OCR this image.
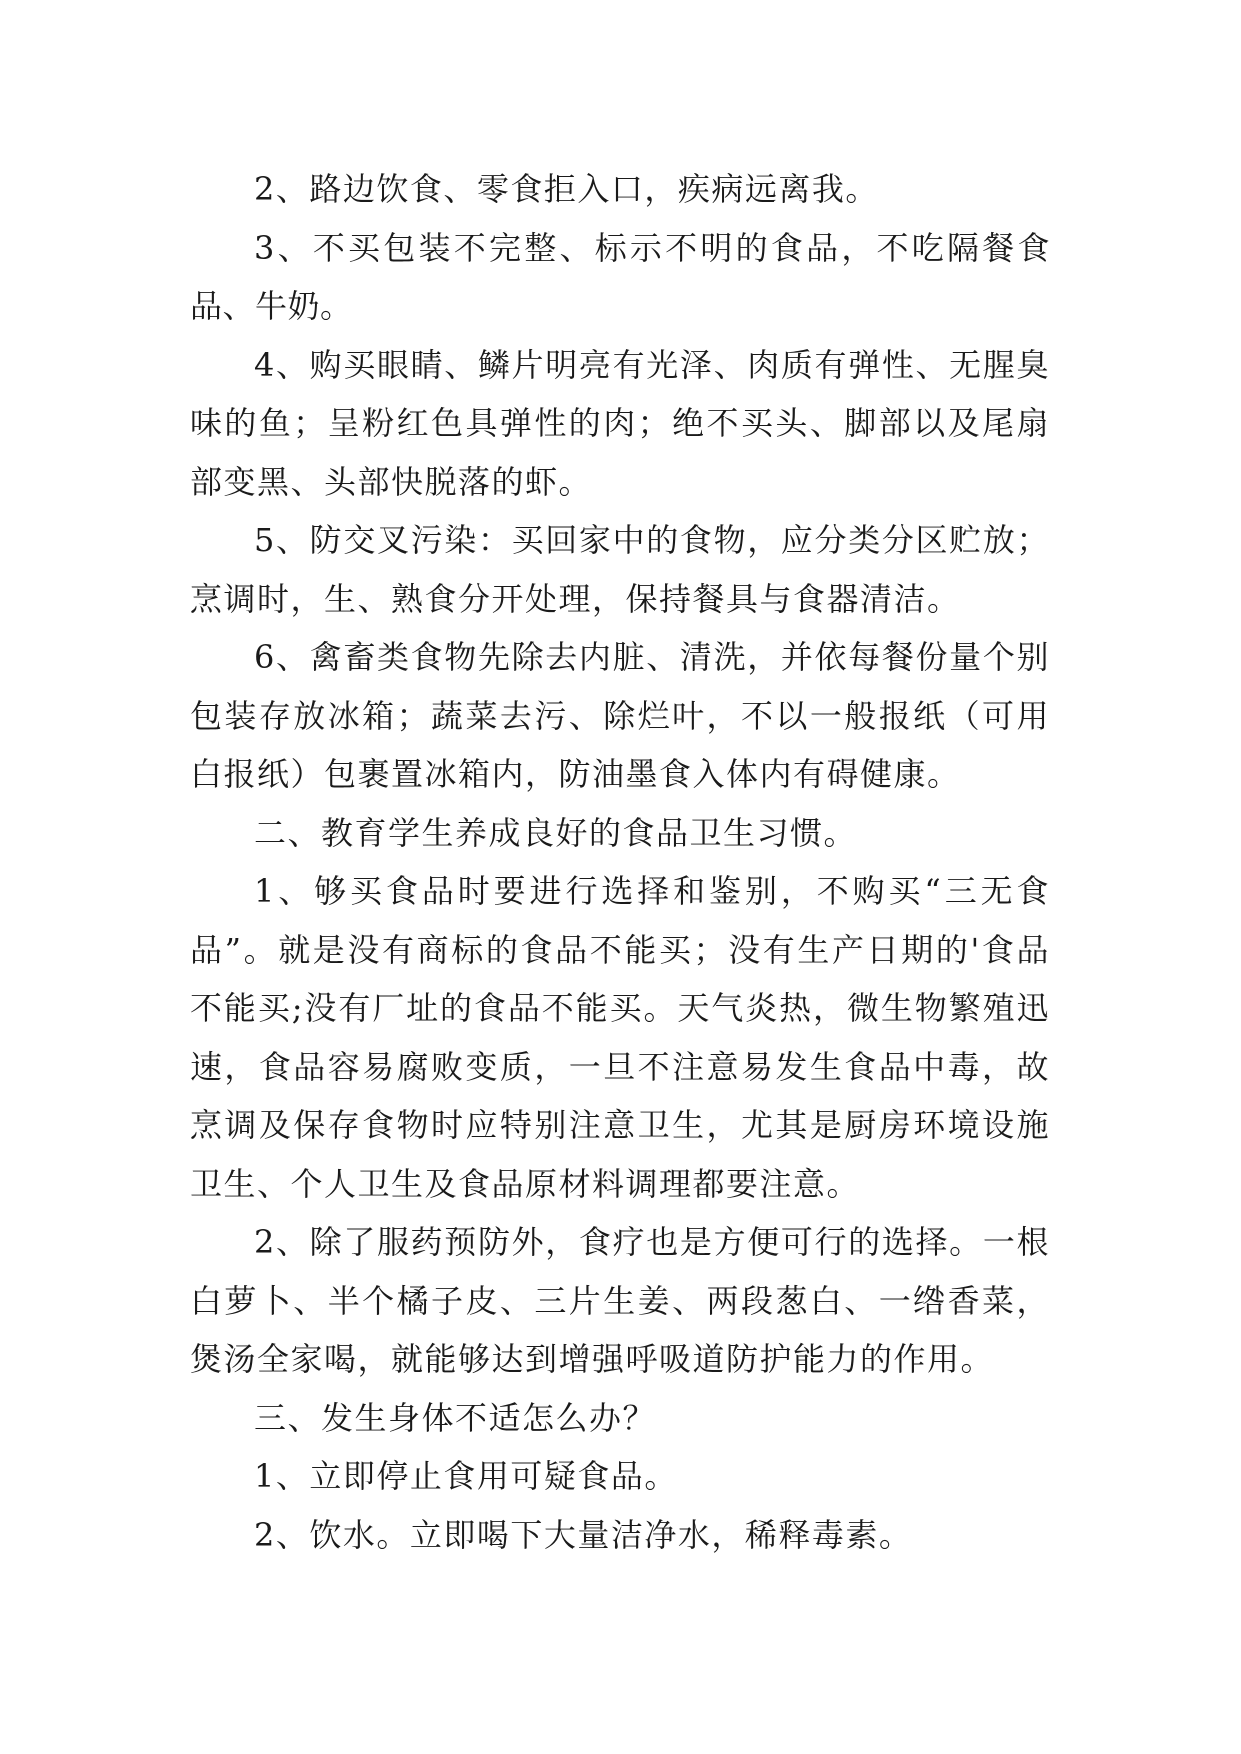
2、路边饮食、零食拒入口，疾病远离我。

3、不买包装不完整、标示不明的食品，不吃隔餐食品、牛奶。

4、购买眼睛、鳞片明亮有光泽、肉质有弹性、无腥臭味的鱼；呈粉红色具弹性的肉；绝不买头、脚部以及尾扇部变黑、头部快脱落的虾。

5、防交叉污染：买回家中的食物，应分类分区贮放；烹调时，生、熟食分开处理，保持餐具与食器清洁。

6、禽畜类食物先除去内脏、清洗，并依每餐份量个别包装存放冰箱；蔬菜去污、除烂叶，不以一般报纸（可用白报纸）包裹置冰箱内，防油墨食入体内有碍健康。

二、教育学生养成良好的食品卫生习惯。

1、够买食品时要进行选择和鉴别，不购买“三无食品”。就是没有商标的食品不能买；没有生产日期的'食品不能买;没有厂址的食品不能买。天气炎热，微生物繁殖迅速，食品容易腐败变质，一旦不注意易发生食品中毒，故烹调及保存食物时应特别注意卫生，尤其是厨房环境设施卫生、个人卫生及食品原材料调理都要注意。

2、除了服药预防外，食疗也是方便可行的选择。一根白萝卜、半个橘子皮、三片生姜、两段葱白、一绺香菜，煲汤全家喝，就能够达到增强呼吸道防护能力的作用。

三、发生身体不适怎么办？

1、立即停止食用可疑食品。

2、饮水。立即喝下大量洁净水，稀释毒素。
